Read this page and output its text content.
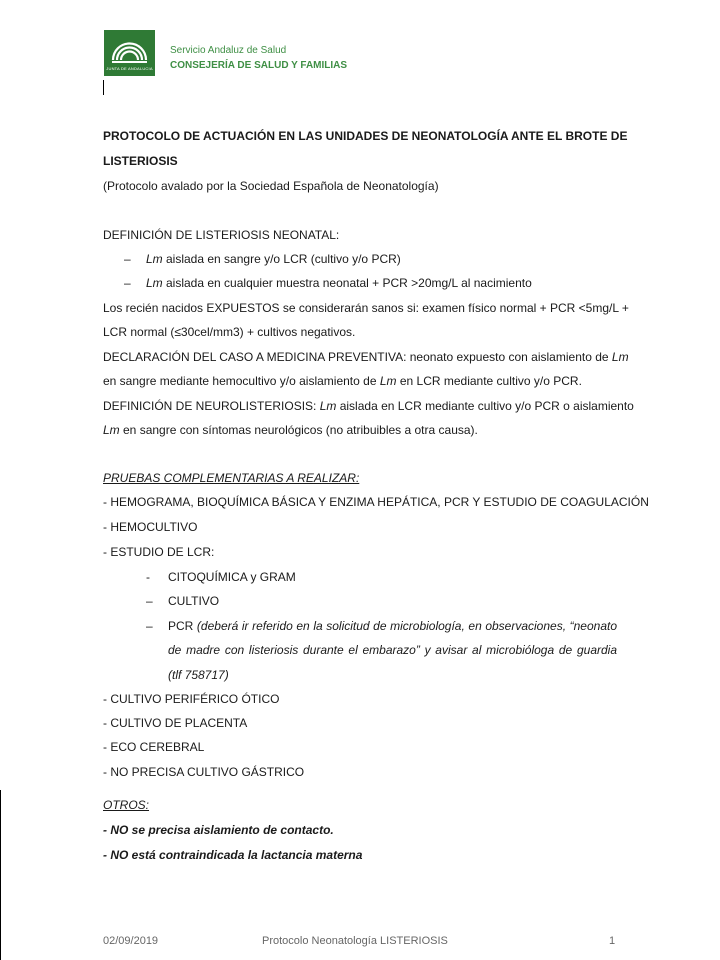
JUNTA DE ANDALUCIA
Servicio Andaluz de Salud
CONSEJERÍA DE SALUD Y FAMILIAS
PROTOCOLO DE ACTUACIÓN EN LAS UNIDADES DE NEONATOLOGÍA ANTE EL BROTE DE
LISTERIOSIS
(Protocolo avalado por la Sociedad Española de Neonatología)
DEFINICIÓN DE LISTERIOSIS NEONATAL:
– Lm aislada en sangre y/o LCR (cultivo y/o PCR)
– Lm aislada en cualquier muestra neonatal + PCR >20mg/L al nacimiento
Los recién nacidos EXPUESTOS se considerarán sanos si: examen físico normal + PCR <5mg/L +
LCR normal (≤30cel/mm3) + cultivos negativos.
DECLARACIÓN DEL CASO A MEDICINA PREVENTIVA: neonato expuesto con aislamiento de Lm
en sangre mediante hemocultivo y/o aislamiento de Lm en LCR mediante cultivo y/o PCR.
DEFINICIÓN DE NEUROLISTERIOSIS: Lm aislada en LCR mediante cultivo y/o PCR o aislamiento
Lm en sangre con síntomas neurológicos (no atribuibles a otra causa).
PRUEBAS COMPLEMENTARIAS A REALIZAR:
- HEMOGRAMA, BIOQUÍMICA BÁSICA Y ENZIMA HEPÁTICA, PCR Y ESTUDIO DE COAGULACIÓN
- HEMOCULTIVO
- ESTUDIO DE LCR:
- CITOQUÍMICA y GRAM
– CULTIVO
– PCR (deberá ir referido en la solicitud de microbiología, en observaciones, “neonato
de madre con listeriosis durante el embarazo” y avisar al microbióloga de guardia
(tlf 758717)
- CULTIVO PERIFÉRICO ÓTICO
- CULTIVO DE PLACENTA
- ECO CEREBRAL
- NO PRECISA CULTIVO GÁSTRICO
OTROS:
- NO se precisa aislamiento de contacto.
- NO está contraindicada la lactancia materna
02/09/2019	Protocolo Neonatología LISTERIOSIS	1
